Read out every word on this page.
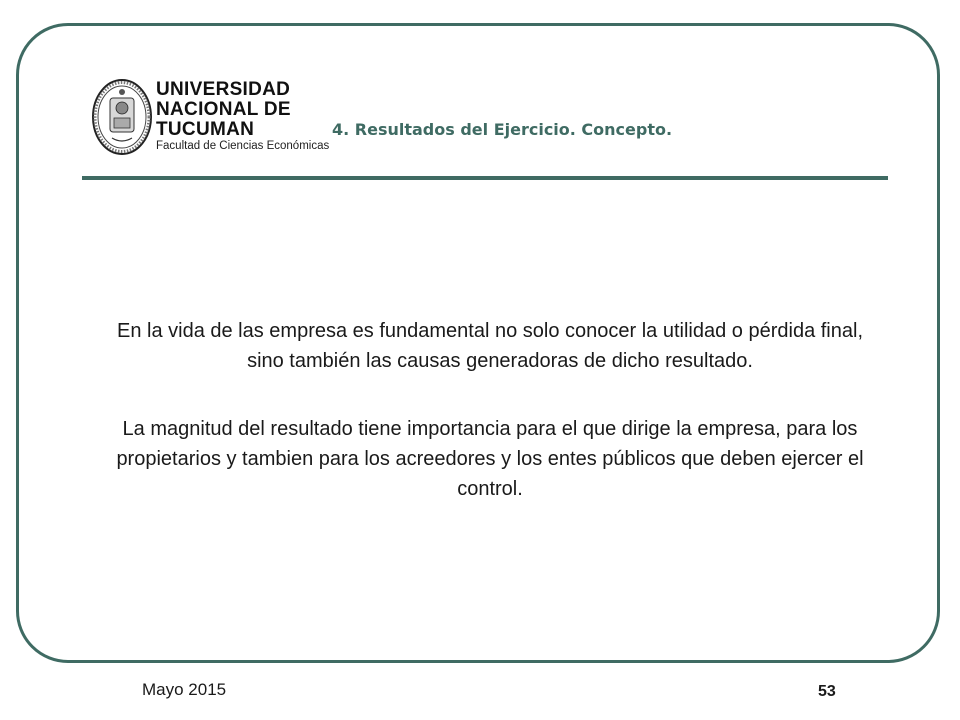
UNIVERSIDAD
NACIONAL DE
TUCUMAN
Facultad de Ciencias Económicas
4. Resultados del Ejercicio. Concepto.

En la vida de las empresa es fundamental no solo conocer la utilidad o pérdida final, sino también las causas generadoras de dicho resultado.

La magnitud del resultado tiene importancia para el que dirige la empresa, para los propietarios y tambien para los acreedores y los entes públicos que deben ejercer el control.

Mayo 2015	53
